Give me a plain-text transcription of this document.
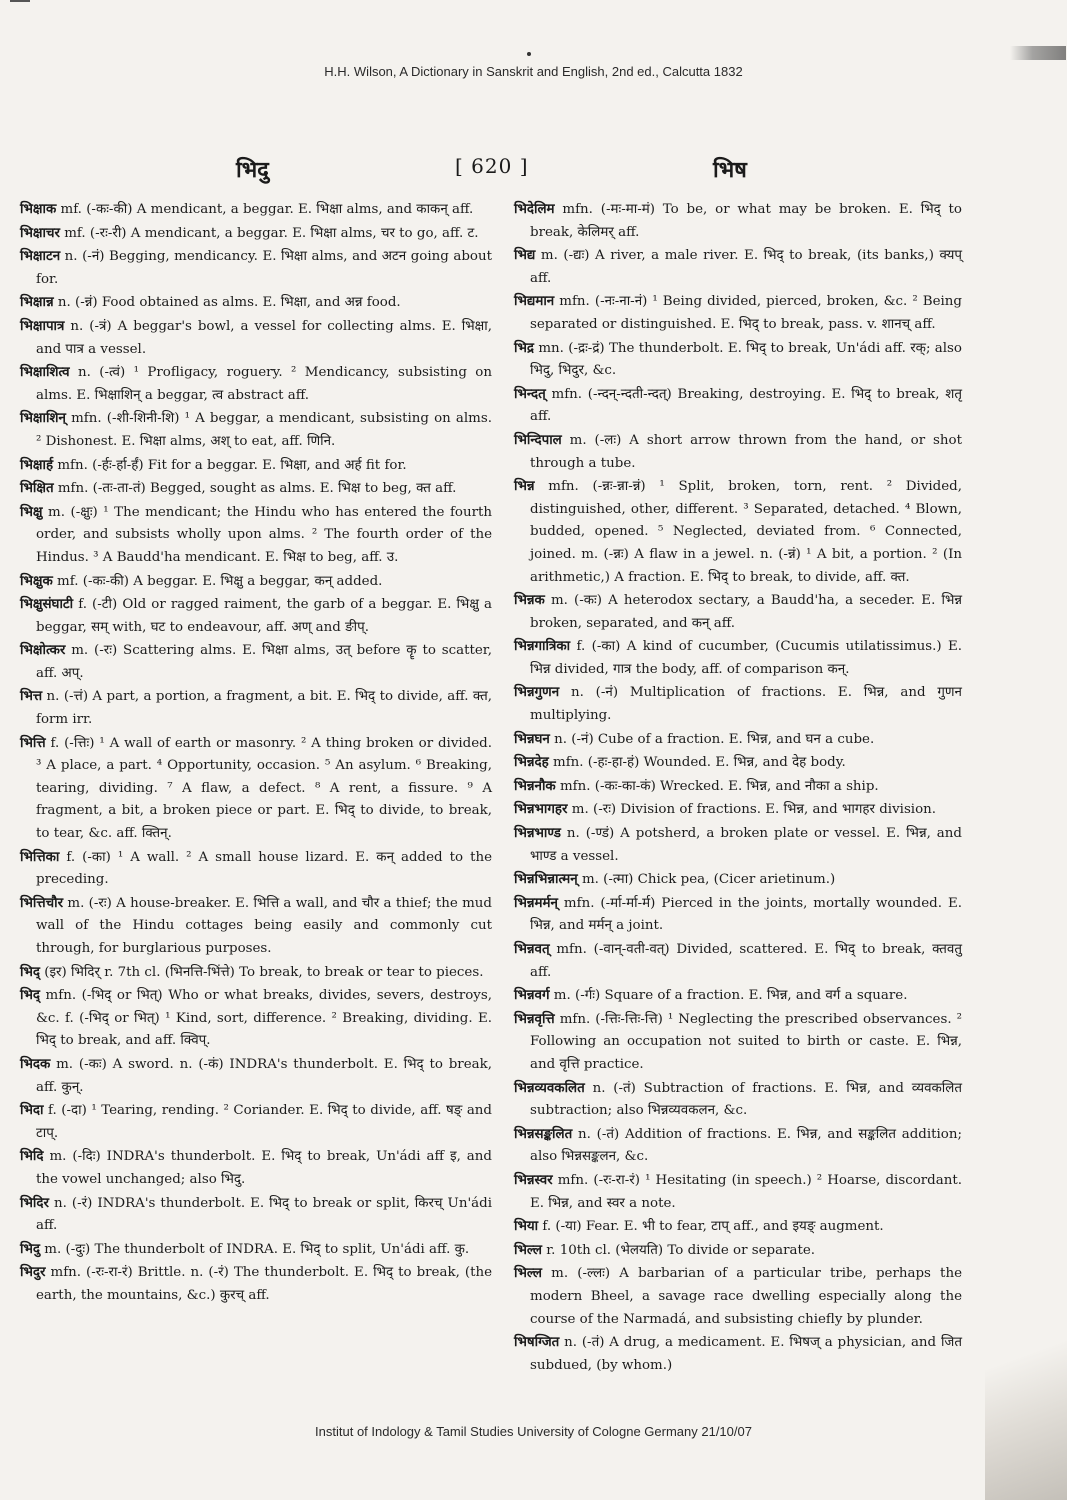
H.H. Wilson, A Dictionary in Sanskrit and English, 2nd ed., Calcutta 1832
भिदु	[ 620 ]	भिष

भिक्षाक mf. (-कः-की) A mendicant, a beggar. E. भिक्षा alms, and काकन् aff.

भिक्षाचर mf. (-रः-री) A mendicant, a beggar. E. भिक्षा alms, चर to go, aff. ट.

भिक्षाटन n. (-नं) Begging, mendicancy. E. भिक्षा alms, and अटन going about for.

भिक्षान्न n. (-न्नं) Food obtained as alms. E. भिक्षा, and अन्न food.

भिक्षापात्र n. (-त्रं) A beggar's bowl, a vessel for collecting alms. E. भिक्षा, and पात्र a vessel.

भिक्षाशित्व n. (-त्वं) ¹ Profligacy, roguery. ² Mendicancy, subsisting on alms. E. भिक्षाशिन् a beggar, त्व abstract aff.

भिक्षाशिन् mfn. (-शी-शिनी-शि) ¹ A beggar, a mendicant, subsisting on alms. ² Dishonest. E. भिक्षा alms, अश् to eat, aff. णिनि.

भिक्षार्ह mfn. (-र्हः-र्हा-र्हं) Fit for a beggar. E. भिक्षा, and अर्ह fit for.

भिक्षित mfn. (-तः-ता-तं) Begged, sought as alms. E. भिक्ष to beg, क्त aff.

भिक्षु m. (-क्षुः) ¹ The mendicant; the Hindu who has entered the fourth order, and subsists wholly upon alms. ² The fourth order of the Hindus. ³ A Baudd'ha mendicant. E. भिक्ष to beg, aff. उ.

भिक्षुक mf. (-कः-की) A beggar. E. भिक्षु a beggar, कन् added.

भिक्षुसंघाटी f. (-टी) Old or ragged raiment, the garb of a beggar. E. भिक्षु a beggar, सम् with, घट to endeavour, aff. अण् and ङीप्.

भिक्षोत्कर m. (-रः) Scattering alms. E. भिक्षा alms, उत् before कॄ to scatter, aff. अप्.

भित्त n. (-त्तं) A part, a portion, a fragment, a bit. E. भिद् to divide, aff. क्त, form irr.

भित्ति f. (-त्तिः) ¹ A wall of earth or masonry. ² A thing broken or divided. ³ A place, a part. ⁴ Opportunity, occasion. ⁵ An asylum. ⁶ Breaking, tearing, dividing. ⁷ A flaw, a defect. ⁸ A rent, a fissure. ⁹ A fragment, a bit, a broken piece or part. E. भिद् to divide, to break, to tear, &c. aff. क्तिन्.

भित्तिका f. (-का) ¹ A wall. ² A small house lizard. E. कन् added to the preceding.

भित्तिचौर m. (-रः) A house-breaker. E. भित्ति a wall, and चौर a thief; the mud wall of the Hindu cottages being easily and commonly cut through, for burglarious purposes.

भिद् (इर) भिदिर् r. 7th cl. (भिनत्ति-भिंत्ते) To break, to break or tear to pieces.

भिद् mfn. (-भिद् or भित्) Who or what breaks, divides, severs, destroys, &c. f. (-भिद् or भित्) ¹ Kind, sort, difference. ² Breaking, dividing. E. भिद् to break, and aff. क्विप्.

भिदक m. (-कः) A sword. n. (-कं) INDRA's thunderbolt. E. भिद् to break, aff. कुन्.

भिदा f. (-दा) ¹ Tearing, rending. ² Coriander. E. भिद् to divide, aff. षङ् and टाप्.

भिदि m. (-दिः) INDRA's thunderbolt. E. भिद् to break, Un'ádi aff इ, and the vowel unchanged; also भिदु.

भिदिर n. (-रं) INDRA's thunderbolt. E. भिद् to break or split, किरच् Un'ádi aff.

भिदु m. (-दुः) The thunderbolt of INDRA. E. भिद् to split, Un'ádi aff. कु.

भिदुर mfn. (-रः-रा-रं) Brittle. n. (-रं) The thunderbolt. E. भिद् to break, (the earth, the mountains, &c.) कुरच् aff.

भिदेलिम mfn. (-मः-मा-मं) To be, or what may be broken. E. भिद् to break, केलिमर् aff.

भिद्य m. (-द्यः) A river, a male river. E. भिद् to break, (its banks,) क्यप् aff.

भिद्यमान mfn. (-नः-ना-नं) ¹ Being divided, pierced, broken, &c. ² Being separated or distinguished. E. भिद् to break, pass. v. शानच् aff.

भिद्र mn. (-द्रः-द्रं) The thunderbolt. E. भिद् to break, Un'ádi aff. रक्; also भिदु, भिदुर, &c.

भिन्दत् mfn. (-न्दन्-न्दती-न्दत्) Breaking, destroying. E. भिद् to break, शतृ aff.

भिन्दिपाल m. (-लः) A short arrow thrown from the hand, or shot through a tube.

भिन्न mfn. (-न्नः-न्ना-न्नं) ¹ Split, broken, torn, rent. ² Divided, distinguished, other, different. ³ Separated, detached. ⁴ Blown, budded, opened. ⁵ Neglected, deviated from. ⁶ Connected, joined. m. (-न्नः) A flaw in a jewel. n. (-न्नं) ¹ A bit, a portion. ² (In arithmetic,) A fraction. E. भिद् to break, to divide, aff. क्त.

भिन्नक m. (-कः) A heterodox sectary, a Baudd'ha, a seceder. E. भिन्न broken, separated, and कन् aff.

भिन्नगात्रिका f. (-का) A kind of cucumber, (Cucumis utilatissimus.) E. भिन्न divided, गात्र the body, aff. of comparison कन्.

भिन्नगुणन n. (-नं) Multiplication of fractions. E. भिन्न, and गुणन multiplying.

भिन्नघन n. (-नं) Cube of a fraction. E. भिन्न, and घन a cube.

भिन्नदेह mfn. (-हः-हा-हं) Wounded. E. भिन्न, and देह body.

भिन्ननौक mfn. (-कः-का-कं) Wrecked. E. भिन्न, and नौका a ship.

भिन्नभागहर m. (-रः) Division of fractions. E. भिन्न, and भागहर division.

भिन्नभाण्ड n. (-ण्डं) A potsherd, a broken plate or vessel. E. भिन्न, and भाण्ड a vessel.

भिन्नभिन्नात्मन् m. (-त्मा) Chick pea, (Cicer arietinum.)

भिन्नमर्मन् mfn. (-र्मा-र्मा-र्म) Pierced in the joints, mortally wounded. E. भिन्न, and मर्मन् a joint.

भिन्नवत् mfn. (-वान्-वती-वत्) Divided, scattered. E. भिद् to break, क्तवतु aff.

भिन्नवर्ग m. (-र्गः) Square of a fraction. E. भिन्न, and वर्ग a square.

भिन्नवृत्ति mfn. (-त्तिः-त्तिः-त्ति) ¹ Neglecting the prescribed observances. ² Following an occupation not suited to birth or caste. E. भिन्न, and वृत्ति practice.

भिन्नव्यवकलित n. (-तं) Subtraction of fractions. E. भिन्न, and व्यवकलित subtraction; also भिन्नव्यवकलन, &c.

भिन्नसङ्कलित n. (-तं) Addition of fractions. E. भिन्न, and सङ्कलित addition; also भिन्नसङ्कलन, &c.

भिन्नस्वर mfn. (-रः-रा-रं) ¹ Hesitating (in speech.) ² Hoarse, discordant. E. भिन्न, and स्वर a note.

भिया f. (-या) Fear. E. भी to fear, टाप् aff., and इयङ् augment.

भिल्ल r. 10th cl. (भेलयति) To divide or separate.

भिल्ल m. (-ल्लः) A barbarian of a particular tribe, perhaps the modern Bheel, a savage race dwelling especially along the course of the Narmadá, and subsisting chiefly by plunder.

भिषग्जित n. (-तं) A drug, a medicament. E. भिषज् a physician, and जित subdued, (by whom.)

Institut of Indology & Tamil Studies University of Cologne Germany 21/10/07
